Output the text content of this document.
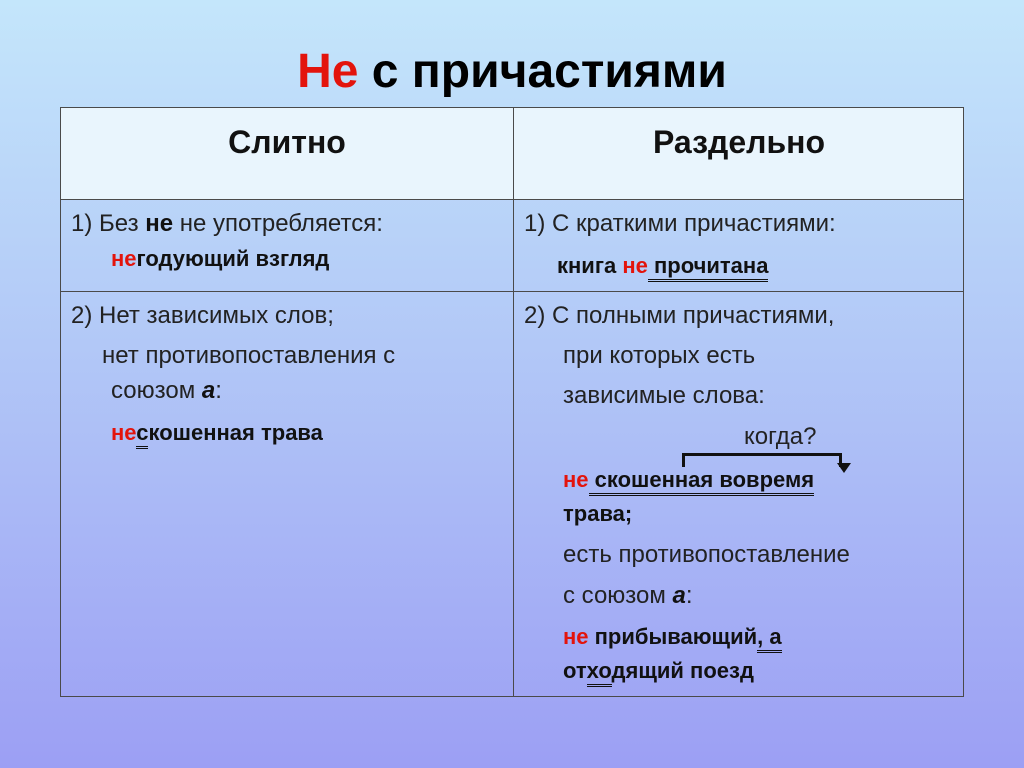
Не с причастиями
Слитно	Раздельно
1) Без не не употребляется:
негодующий взгляд
2) Нет зависимых слов;
нет противопоставления с
союзом а:
нескошенная трава
1) С краткими причастиями:
книга не прочитана
2) С полными причастиями,
при которых есть
зависимые слова:
когда?
не скошенная вовремя
трава;
есть противопоставление
с союзом а:
не прибывающий, а
отходящий поезд
